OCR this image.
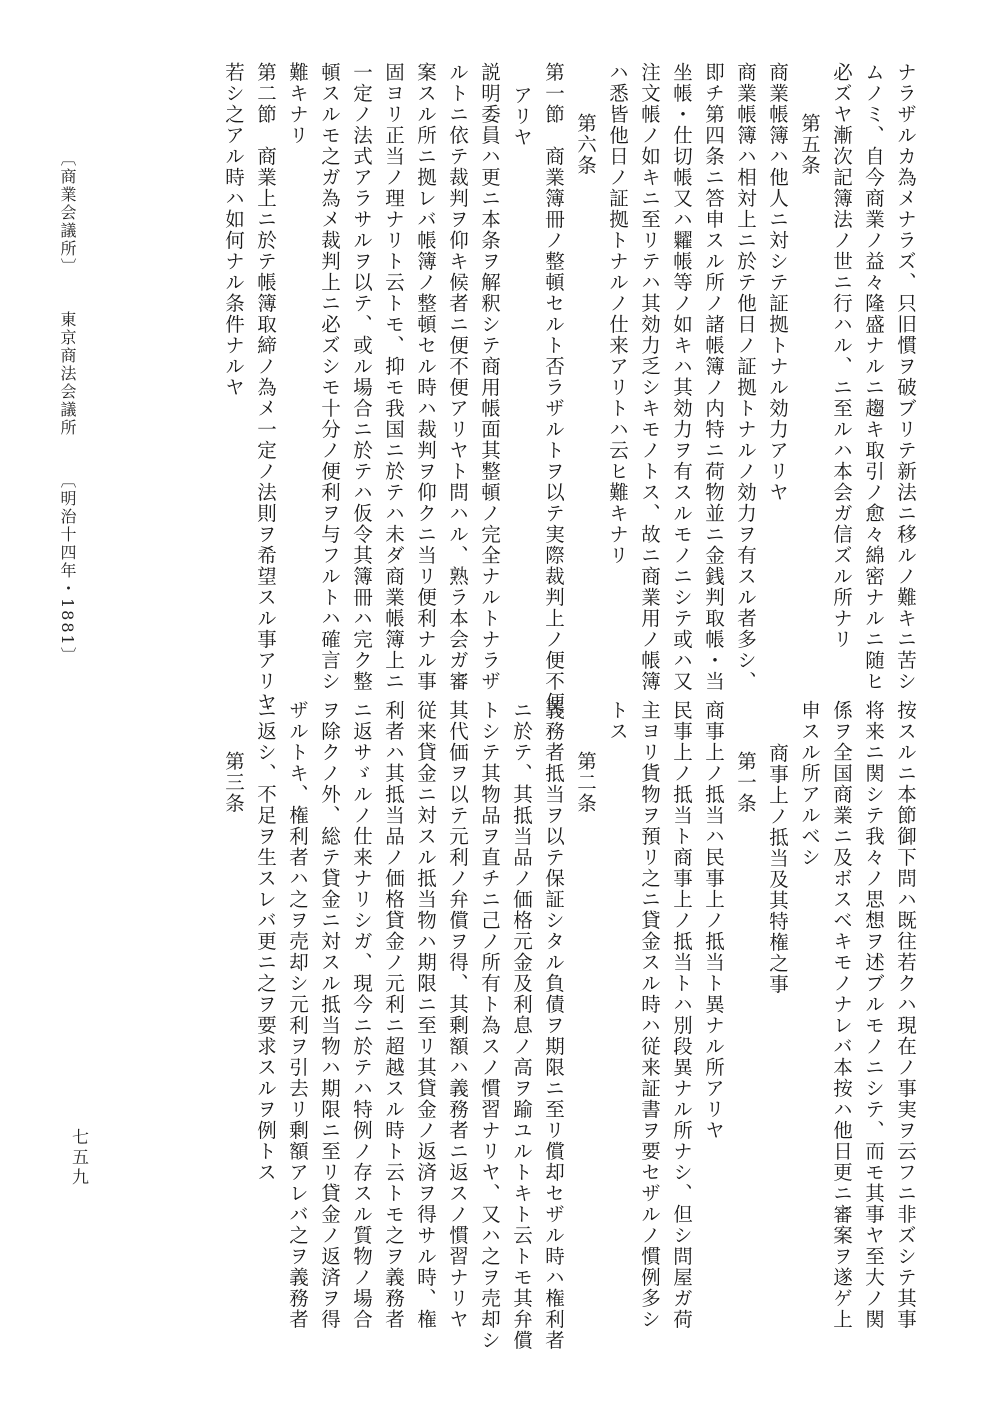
ナラザルカ為メナラズ、只旧慣ヲ破ブリテ新法ニ移ルノ難キニ苦シ
ムノミ、自今商業ノ益々隆盛ナルニ趨キ取引ノ愈々綿密ナルニ随ヒ
必ズヤ漸次記簿法ノ世ニ行ハル、ニ至ルハ本会ガ信ズル所ナリ
第五条
商業帳簿ハ他人ニ対シテ証拠トナル効力アリヤ
商業帳簿ハ相対上ニ於テ他日ノ証拠トナルノ効力ヲ有スル者多シ、
即チ第四条ニ答申スル所ノ諸帳簿ノ内特ニ荷物並ニ金銭判取帳・当
坐帳・仕切帳又ハ糶帳等ノ如キハ其効力ヲ有スルモノニシテ或ハ又
注文帳ノ如キニ至リテハ其効力乏シキモノトス、故ニ商業用ノ帳簿
ハ悉皆他日ノ証拠トナルノ仕来アリトハ云ヒ難キナリ
第六条
第一節　商業簿冊ノ整頓セルト否ラザルトヲ以テ実際裁判上ノ便不便
アリヤ
説明委員ハ更ニ本条ヲ解釈シテ商用帳面其整頓ノ完全ナルトナラザ
ルトニ依テ裁判ヲ仰キ候者ニ便不便アリヤト問ハル、熟ラ本会ガ審
案スル所ニ拠レバ帳簿ノ整頓セル時ハ裁判ヲ仰クニ当リ便利ナル事
固ヨリ正当ノ理ナリト云トモ、抑モ我国ニ於テハ未ダ商業帳簿上ニ
一定ノ法式アラサルヲ以テ、或ル場合ニ於テハ仮令其簿冊ハ完ク整
頓スルモ之ガ為メ裁判上ニ必ズシモ十分ノ便利ヲ与フルトハ確言シ
難キナリ
第二節　商業上ニ於テ帳簿取締ノ為メ一定ノ法則ヲ希望スル事アリヤ
若シ之アル時ハ如何ナル条件ナルヤ
按スルニ本節御下問ハ既往若クハ現在ノ事実ヲ云フニ非ズシテ其事
将来ニ関シテ我々ノ思想ヲ述ブルモノニシテ、而モ其事ヤ至大ノ関
係ヲ全国商業ニ及ボスベキモノナレバ本按ハ他日更ニ審案ヲ遂ゲ上
申スル所アルベシ
商事上ノ抵当及其特権之事
第一条
商事上ノ抵当ハ民事上ノ抵当ト異ナル所アリヤ
民事上ノ抵当ト商事上ノ抵当トハ別段異ナル所ナシ、但シ問屋ガ荷
主ヨリ貨物ヲ預リ之ニ貸金スル時ハ従来証書ヲ要セザルノ慣例多シ
トス
第二条
義務者抵当ヲ以テ保証シタル負債ヲ期限ニ至リ償却セザル時ハ権利者
ニ於テ、其抵当品ノ価格元金及利息ノ高ヲ踰ユルトキト云トモ其弁償
トシテ其物品ヲ直チニ己ノ所有ト為スノ慣習ナリヤ、又ハ之ヲ売却シ
其代価ヲ以テ元利ノ弁償ヲ得、其剰額ハ義務者ニ返スノ慣習ナリヤ
従来貸金ニ対スル抵当物ハ期限ニ至リ其貸金ノ返済ヲ得サル時、権
利者ハ其抵当品ノ価格貸金ノ元利ニ超越スル時ト云トモ之ヲ義務者
ニ返サゞルノ仕来ナリシガ、現今ニ於テハ特例ノ存スル質物ノ場合
ヲ除クノ外、総テ貸金ニ対スル抵当物ハ期限ニ至リ貸金ノ返済ヲ得
ザルトキ、権利者ハ之ヲ売却シ元利ヲ引去リ剰額アレバ之ヲ義務者
ニ返シ、不足ヲ生スレバ更ニ之ヲ要求スルヲ例トス
第三条
〔商業会議所〕 東京商法会議所 〔明治十四年・1881〕
七五九
